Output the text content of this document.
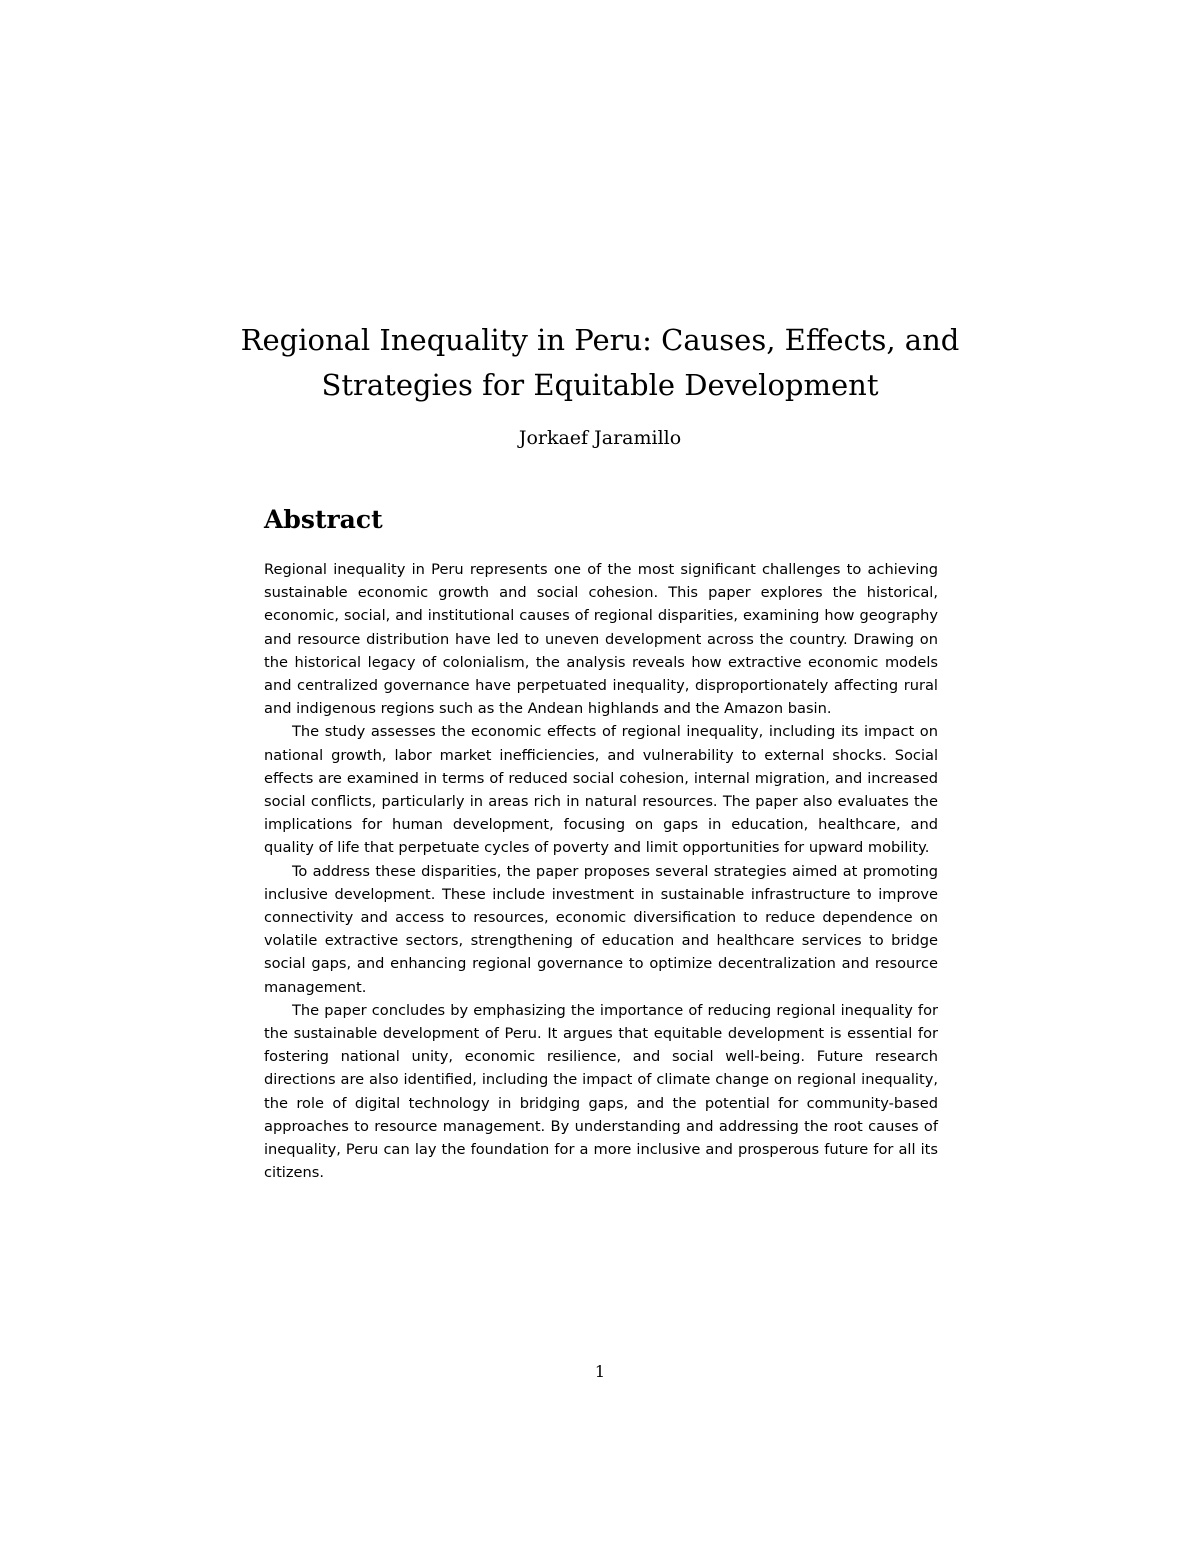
Regional Inequality in Peru: Causes, Effects, and Strategies for Equitable Development
Jorkaef Jaramillo
Abstract

Regional inequality in Peru represents one of the most significant challenges to achieving sustainable economic growth and social cohesion. This paper explores the historical, economic, social, and institutional causes of regional disparities, examining how geography and resource distribution have led to uneven development across the country. Drawing on the historical legacy of colonialism, the analysis reveals how extractive economic models and centralized governance have perpetuated inequality, disproportionately affecting rural and indigenous regions such as the Andean highlands and the Amazon basin.

The study assesses the economic effects of regional inequality, including its impact on national growth, labor market inefficiencies, and vulnerability to external shocks. Social effects are examined in terms of reduced social cohesion, internal migration, and increased social conflicts, particularly in areas rich in natural resources. The paper also evaluates the implications for human development, focusing on gaps in education, healthcare, and quality of life that perpetuate cycles of poverty and limit opportunities for upward mobility.

To address these disparities, the paper proposes several strategies aimed at promoting inclusive development. These include investment in sustainable infrastructure to improve connectivity and access to resources, economic diversification to reduce dependence on volatile extractive sectors, strengthening of education and healthcare services to bridge social gaps, and enhancing regional governance to optimize decentralization and resource management.

The paper concludes by emphasizing the importance of reducing regional inequality for the sustainable development of Peru. It argues that equitable development is essential for fostering national unity, economic resilience, and social well-being. Future research directions are also identified, including the impact of climate change on regional inequality, the role of digital technology in bridging gaps, and the potential for community-based approaches to resource management. By understanding and addressing the root causes of inequality, Peru can lay the foundation for a more inclusive and prosperous future for all its citizens.

1
